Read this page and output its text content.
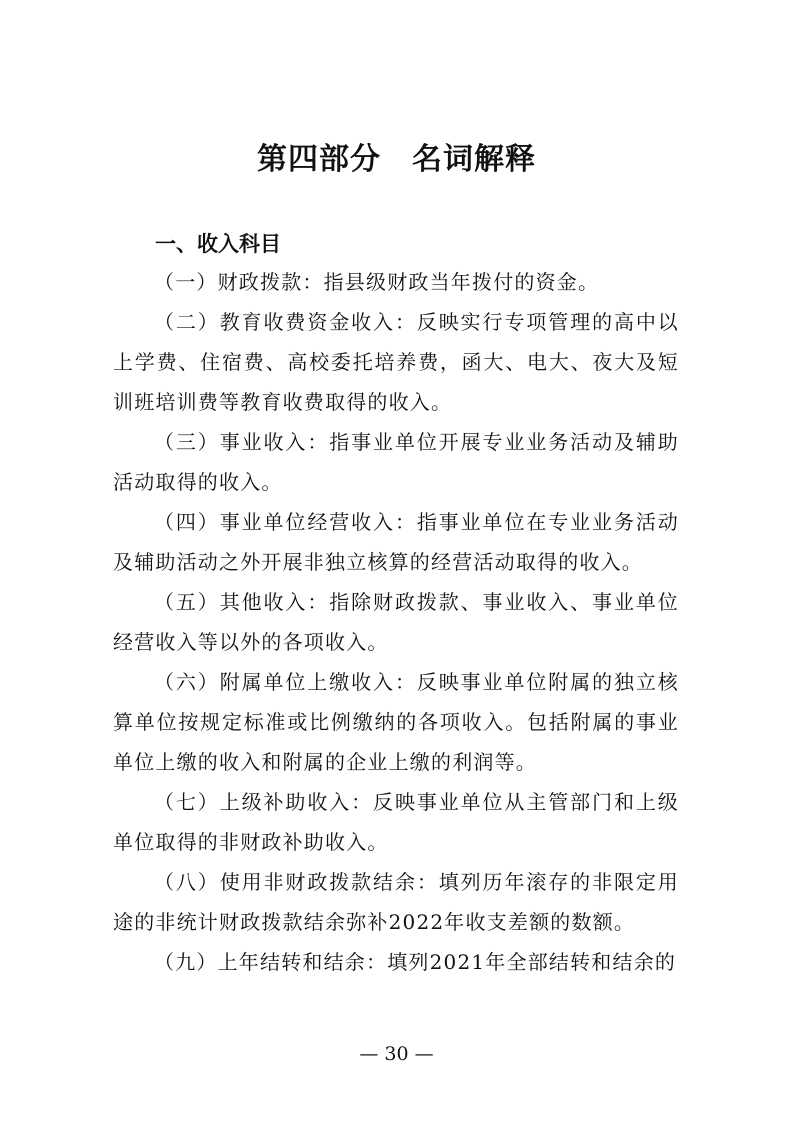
第四部分　名词解释
一、收入科目

（一）财政拨款：指县级财政当年拨付的资金。

（二）教育收费资金收入：反映实行专项管理的高中以上学费、住宿费、高校委托培养费，函大、电大、夜大及短训班培训费等教育收费取得的收入。

（三）事业收入：指事业单位开展专业业务活动及辅助活动取得的收入。

（四）事业单位经营收入：指事业单位在专业业务活动及辅助活动之外开展非独立核算的经营活动取得的收入。

（五）其他收入：指除财政拨款、事业收入、事业单位经营收入等以外的各项收入。

（六）附属单位上缴收入：反映事业单位附属的独立核算单位按规定标准或比例缴纳的各项收入。包括附属的事业单位上缴的收入和附属的企业上缴的利润等。

（七）上级补助收入：反映事业单位从主管部门和上级单位取得的非财政补助收入。

（八）使用非财政拨款结余：填列历年滚存的非限定用途的非统计财政拨款结余弥补2022年收支差额的数额。

（九）上年结转和结余：填列2021年全部结转和结余的

— 30 —
